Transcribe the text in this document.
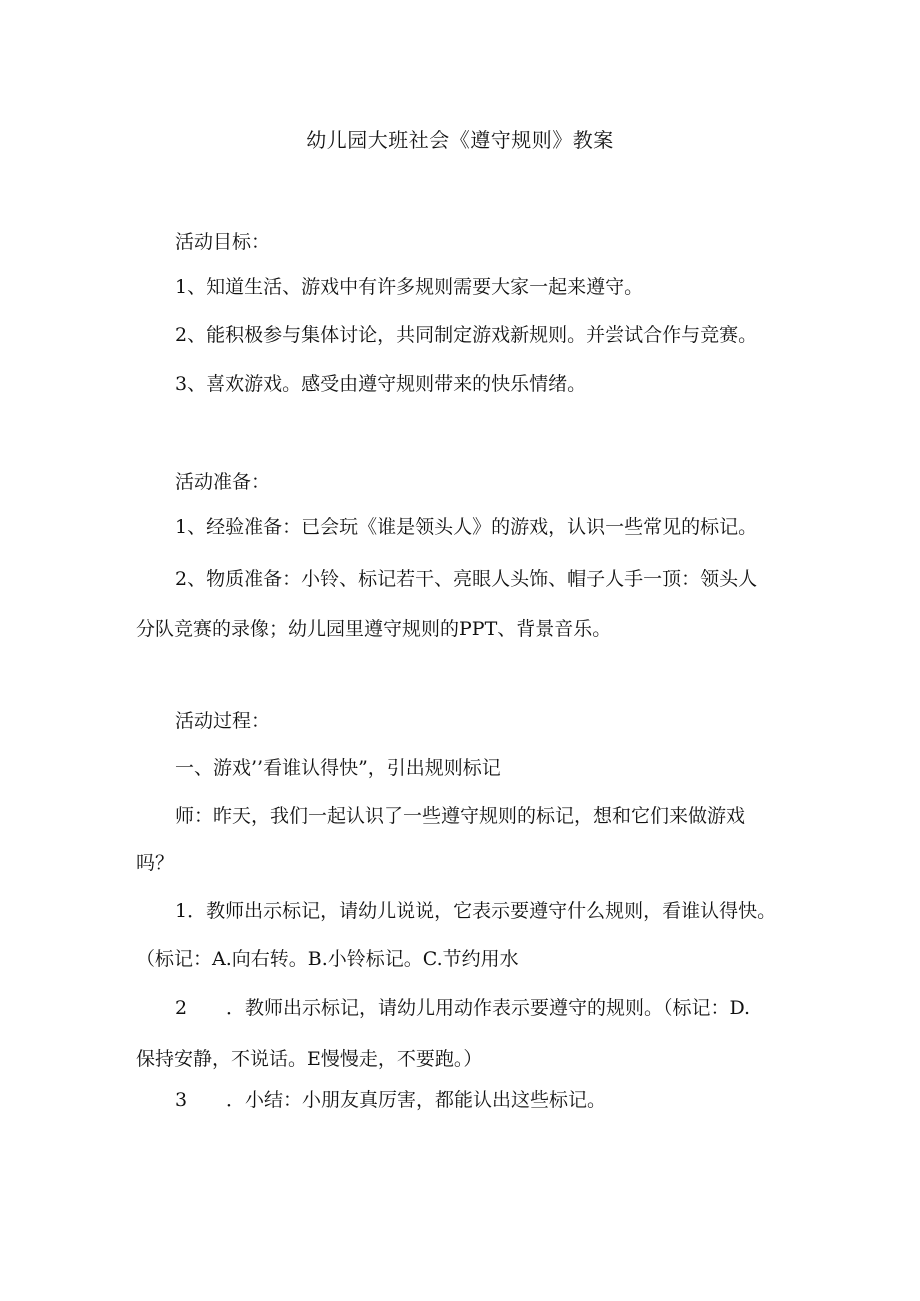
幼儿园大班社会《遵守规则》教案
活动目标：
1、知道生活、游戏中有许多规则需要大家一起来遵守。
2、能积极参与集体讨论，共同制定游戏新规则。并尝试合作与竞赛。
3、喜欢游戏。感受由遵守规则带来的快乐情绪。
活动准备：
1、经验准备：已会玩《谁是领头人》的游戏，认识一些常见的标记。
2、物质准备：小铃、标记若干、亮眼人头饰、帽子人手一顶：领头人
分队竞赛的录像；幼儿园里遵守规则的PPT、背景音乐。
活动过程：
一、游戏’’看谁认得快”，引出规则标记
师：昨天，我们一起认识了一些遵守规则的标记，想和它们来做游戏
吗？
1．教师出示标记，请幼儿说说，它表示要遵守什么规则，看谁认得快。
（标记：A.向右转。B.小铃标记。C.节约用水
2 ．教师出示标记，请幼儿用动作表示要遵守的规则。（标记：D.
保持安静，不说话。E慢慢走，不要跑。）
3 ．小结：小朋友真厉害，都能认出这些标记。
